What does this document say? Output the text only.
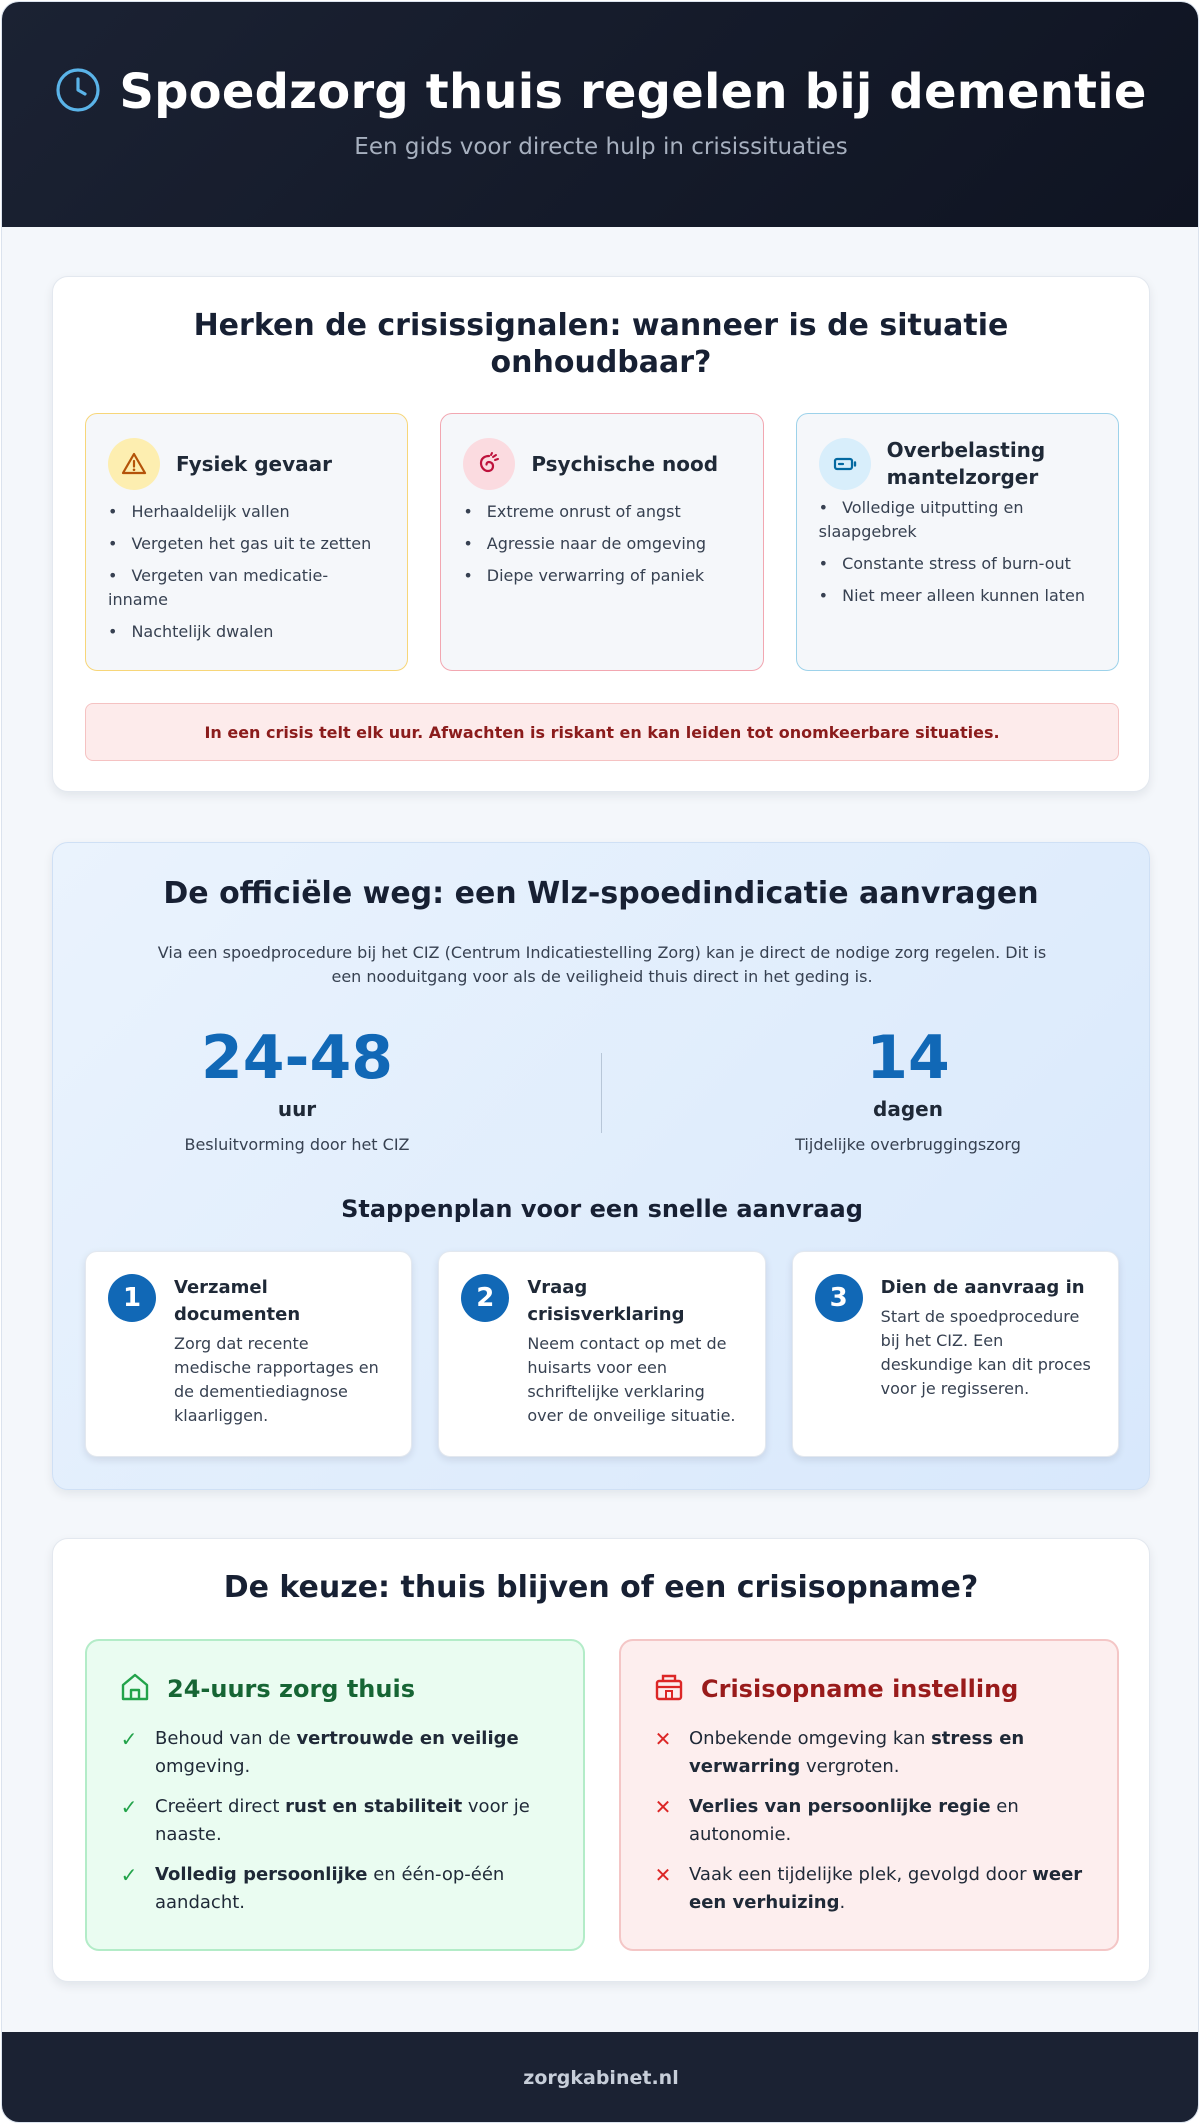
Spoedzorg thuis regelen bij dementie
Een gids voor directe hulp in crisissituaties
Herken de crisissignalen: wanneer is de situatie onhoudbaar?
Fysiek gevaar
• Herhaaldelijk vallen
• Vergeten het gas uit te zetten
• Vergeten van medicatie-inname
• Nachtelijk dwalen
Psychische nood
• Extreme onrust of angst
• Agressie naar de omgeving
• Diepe verwarring of paniek
Overbelasting mantelzorger
• Volledige uitputting en slaapgebrek
• Constante stress of burn-out
• Niet meer alleen kunnen laten
In een crisis telt elk uur. Afwachten is riskant en kan leiden tot onomkeerbare situaties.
De officiële weg: een Wlz-spoedindicatie aanvragen

Via een spoedprocedure bij het CIZ (Centrum Indicatiestelling Zorg) kan je direct de nodige zorg regelen. Dit is een nooduitgang voor als de veiligheid thuis direct in het geding is.

24-48
uur
Besluitvorming door het CIZ
14
dagen
Tijdelijke overbruggingszorg
Stappenplan voor een snelle aanvraag
1	Verzamel documenten
Zorg dat recente medische rapportages en de dementiediagnose klaarliggen.
2	Vraag crisisverklaring
Neem contact op met de huisarts voor een schriftelijke verklaring over de onveilige situatie.
3	Dien de aanvraag in
Start de spoedprocedure bij het CIZ. Een deskundige kan dit proces voor je regisseren.
De keuze: thuis blijven of een crisisopname?
24-uurs zorg thuis
✓ Behoud van de vertrouwde en veilige omgeving.
✓ Creëert direct rust en stabiliteit voor je naaste.
✓ Volledig persoonlijke en één-op-één aandacht.
Crisisopname instelling
✕ Onbekende omgeving kan stress en verwarring vergroten.
✕ Verlies van persoonlijke regie en autonomie.
✕ Vaak een tijdelijke plek, gevolgd door weer een verhuizing.
zorgkabinet.nl
